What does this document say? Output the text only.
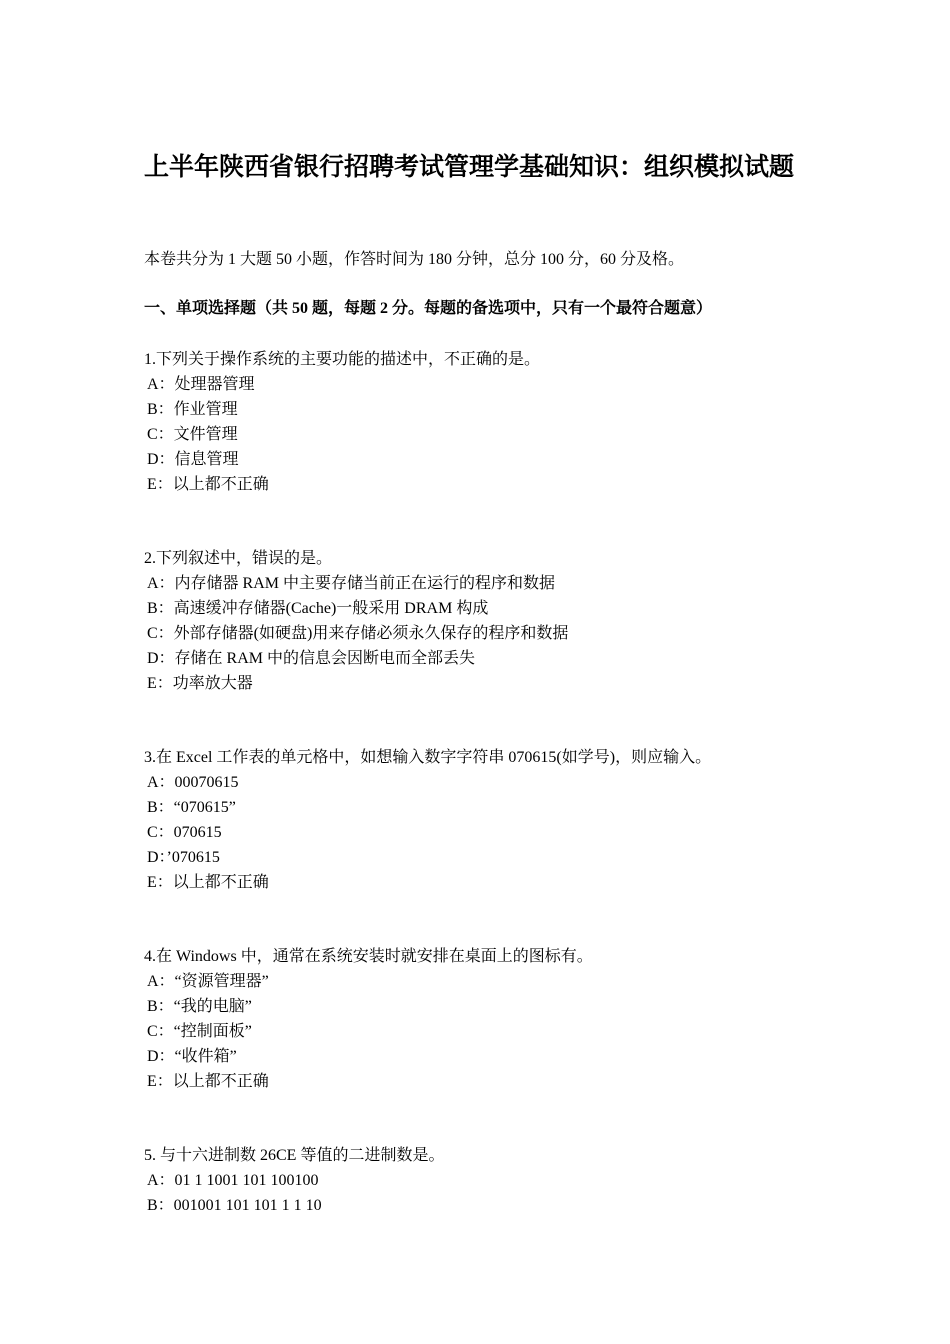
上半年陕西省银行招聘考试管理学基础知识：组织模拟试题
本卷共分为 1 大题 50 小题，作答时间为 180 分钟，总分 100 分，60 分及格。
一、单项选择题（共 50 题，每题 2 分。每题的备选项中，只有一个最符合题意）
1.下列关于操作系统的主要功能的描述中，不正确的是。
A：处理器管理
B：作业管理
C：文件管理
D：信息管理
E：以上都不正确
2.下列叙述中，错误的是。
A：内存储器 RAM 中主要存储当前正在运行的程序和数据
B：高速缓冲存储器(Cache)一般采用 DRAM 构成
C：外部存储器(如硬盘)用来存储必须永久保存的程序和数据
D：存储在 RAM 中的信息会因断电而全部丢失
E：功率放大器
3.在 Excel 工作表的单元格中，如想输入数字字符串 070615(如学号)，则应输入。
A：00070615
B：“070615”
C：070615
D：’070615
E：以上都不正确
4.在 Windows 中，通常在系统安装时就安排在桌面上的图标有。
A：“资源管理器”
B：“我的电脑”
C：“控制面板”
D：“收件箱”
E：以上都不正确
5. 与十六进制数 26CE 等值的二进制数是。
A：01 1 1001 101 100100
B：001001 101 101 1 1 10
